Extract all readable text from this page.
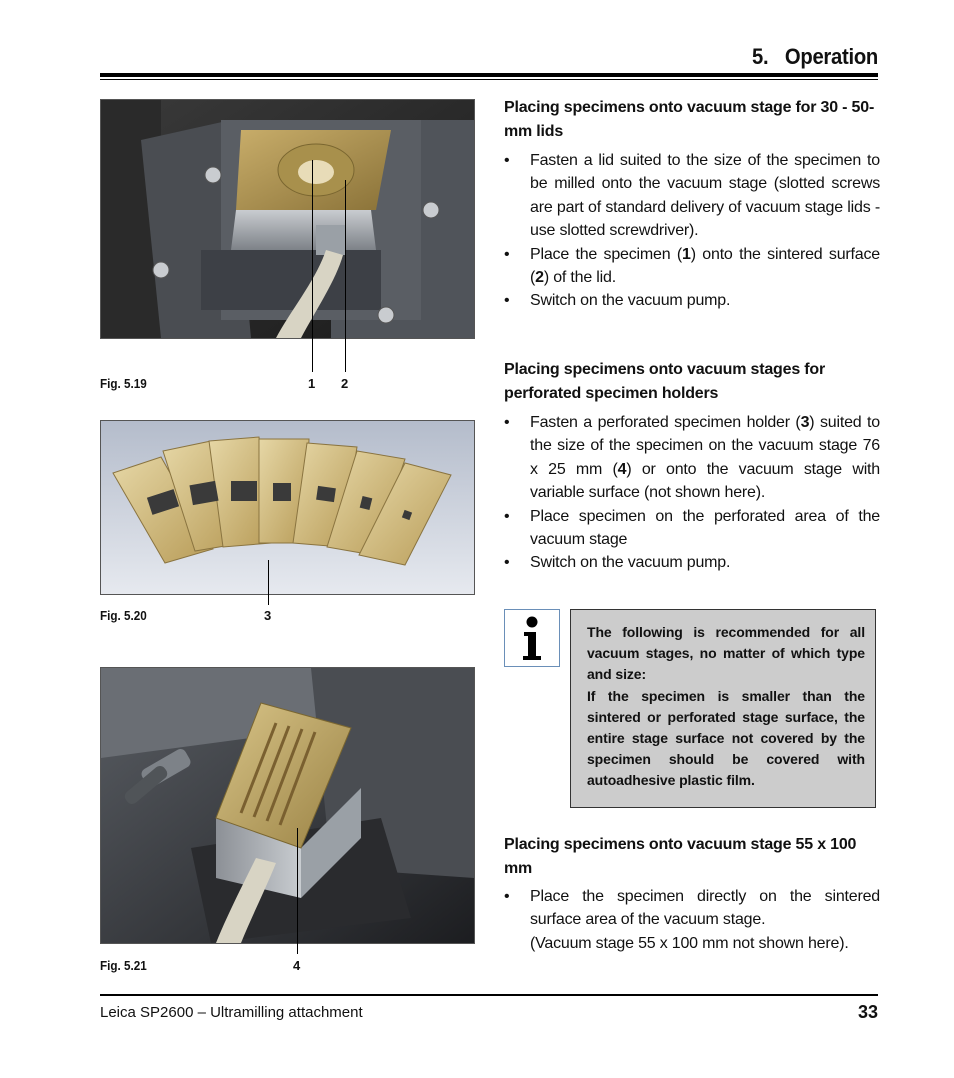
5. Operation
Fig. 5.19	1 2
Fig. 5.20	3
Fig. 5.21	4
Placing specimens onto vacuum stage for 30 - 50-mm lids
• Fasten a lid suited to the size of the specimen to be milled onto the vacuum stage (slotted screws are part of standard delivery of vacuum stage lids - use slotted screwdriver).
• Place the specimen (1) onto the sintered surface (2) of the lid.
• Switch on the vacuum pump.
Placing specimens onto vacuum stages for perforated specimen holders
• Fasten a perforated specimen holder (3) suited to the size of the specimen on the vacuum stage 76 x 25 mm (4) or onto the vacuum stage with variable surface (not shown here).
• Place specimen on the perforated area of the vacuum stage
• Switch on the vacuum pump.
The following is recommended for all vacuum stages, no matter of which type and size:
If the specimen is smaller than the sintered or perforated stage surface, the entire stage surface not covered by the specimen should be covered with autoadhesive plastic film.
Placing specimens onto vacuum stage 55 x 100 mm
• Place the specimen directly on the sintered surface area of the vacuum stage.
(Vacuum stage 55 x 100 mm not shown here).
Leica SP2600 – Ultramilling attachment	33
